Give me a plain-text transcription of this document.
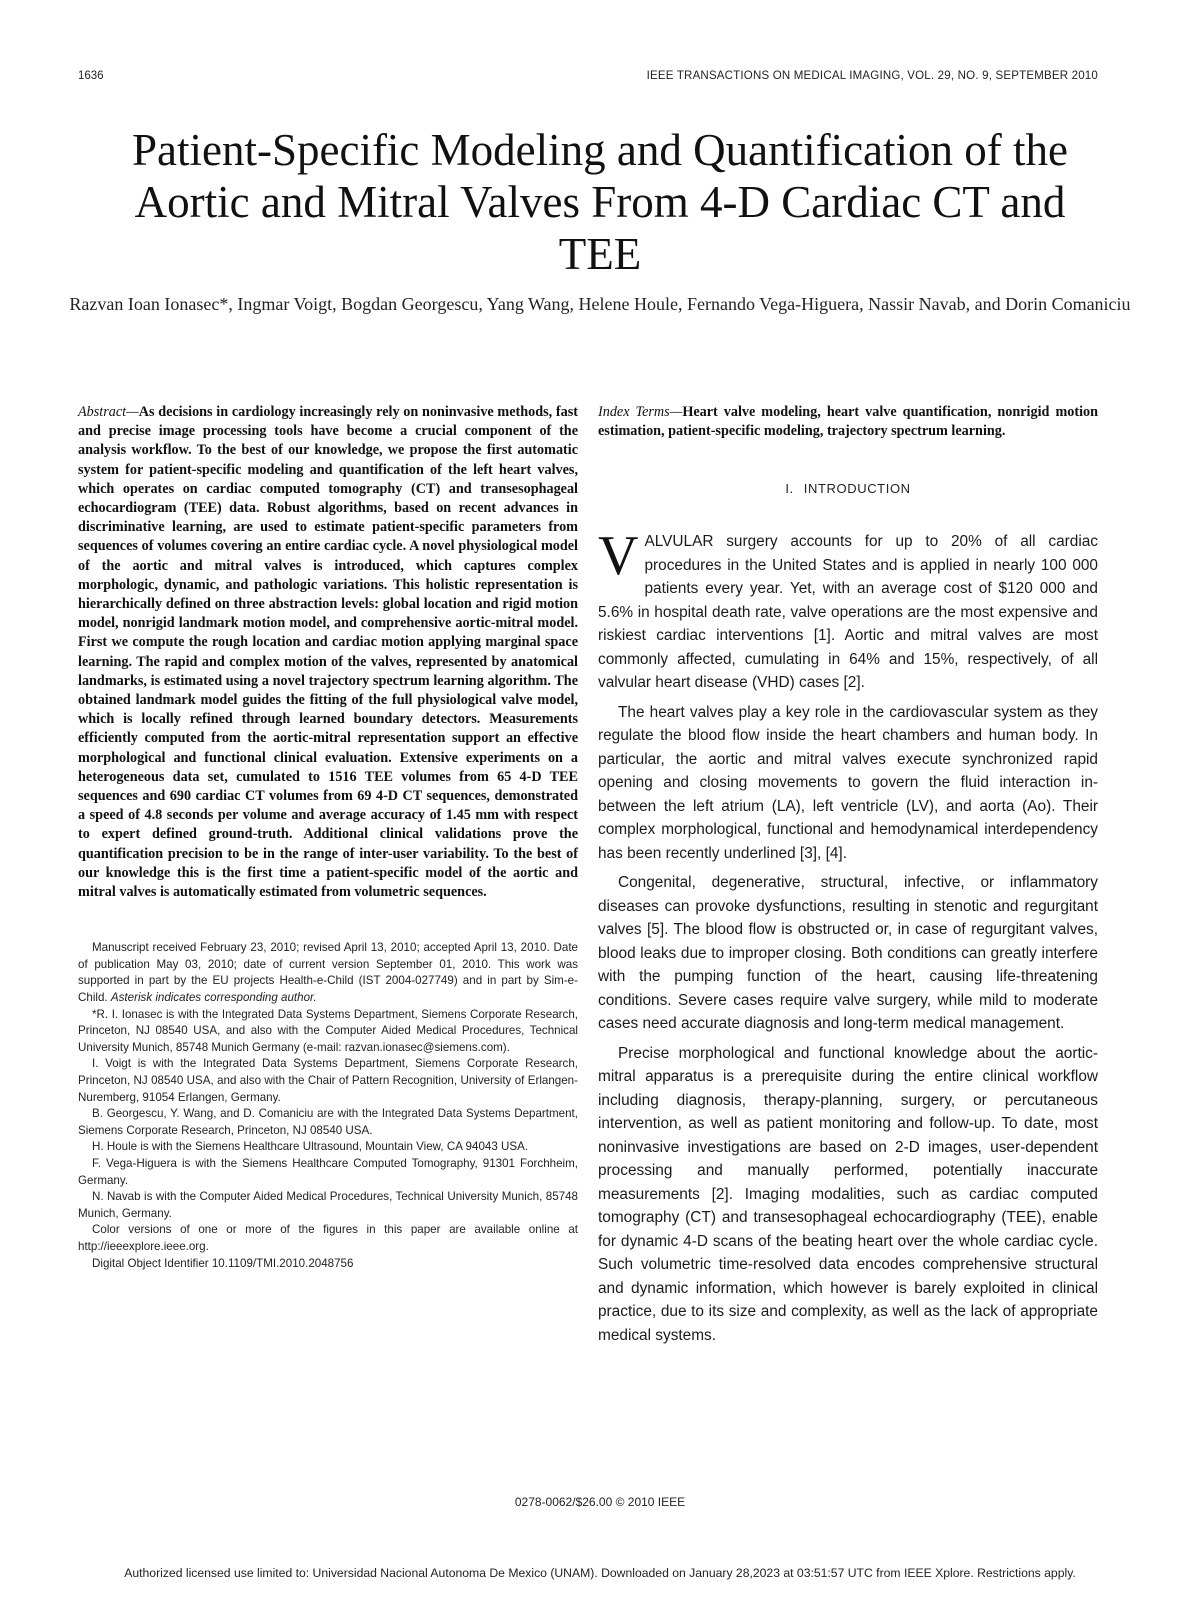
1636	IEEE TRANSACTIONS ON MEDICAL IMAGING, VOL. 29, NO. 9, SEPTEMBER 2010
Patient-Specific Modeling and Quantification of the Aortic and Mitral Valves From 4-D Cardiac CT and TEE
Razvan Ioan Ionasec*, Ingmar Voigt, Bogdan Georgescu, Yang Wang, Helene Houle, Fernando Vega-Higuera, Nassir Navab, and Dorin Comaniciu

Abstract—As decisions in cardiology increasingly rely on noninvasive methods, fast and precise image processing tools have become a crucial component of the analysis workflow. To the best of our knowledge, we propose the first automatic system for patient-specific modeling and quantification of the left heart valves, which operates on cardiac computed tomography (CT) and transesophageal echocardiogram (TEE) data. Robust algorithms, based on recent advances in discriminative learning, are used to estimate patient-specific parameters from sequences of volumes covering an entire cardiac cycle. A novel physiological model of the aortic and mitral valves is introduced, which captures complex morphologic, dynamic, and pathologic variations. This holistic representation is hierarchically defined on three abstraction levels: global location and rigid motion model, nonrigid landmark motion model, and comprehensive aortic-mitral model. First we compute the rough location and cardiac motion applying marginal space learning. The rapid and complex motion of the valves, represented by anatomical landmarks, is estimated using a novel trajectory spectrum learning algorithm. The obtained landmark model guides the fitting of the full physiological valve model, which is locally refined through learned boundary detectors. Measurements efficiently computed from the aortic-mitral representation support an effective morphological and functional clinical evaluation. Extensive experiments on a heterogeneous data set, cumulated to 1516 TEE volumes from 65 4-D TEE sequences and 690 cardiac CT volumes from 69 4-D CT sequences, demonstrated a speed of 4.8 seconds per volume and average accuracy of 1.45 mm with respect to expert defined ground-truth. Additional clinical validations prove the quantification precision to be in the range of inter-user variability. To the best of our knowledge this is the first time a patient-specific model of the aortic and mitral valves is automatically estimated from volumetric sequences.

Manuscript received February 23, 2010; revised April 13, 2010; accepted April 13, 2010. Date of publication May 03, 2010; date of current version September 01, 2010. This work was supported in part by the EU projects Health-e-Child (IST 2004-027749) and in part by Sim-e-Child. Asterisk indicates corresponding author.

*R. I. Ionasec is with the Integrated Data Systems Department, Siemens Corporate Research, Princeton, NJ 08540 USA, and also with the Computer Aided Medical Procedures, Technical University Munich, 85748 Munich Germany (e-mail: razvan.ionasec@siemens.com).

I. Voigt is with the Integrated Data Systems Department, Siemens Corporate Research, Princeton, NJ 08540 USA, and also with the Chair of Pattern Recognition, University of Erlangen-Nuremberg, 91054 Erlangen, Germany.

B. Georgescu, Y. Wang, and D. Comaniciu are with the Integrated Data Systems Department, Siemens Corporate Research, Princeton, NJ 08540 USA.

H. Houle is with the Siemens Healthcare Ultrasound, Mountain View, CA 94043 USA.

F. Vega-Higuera is with the Siemens Healthcare Computed Tomography, 91301 Forchheim, Germany.

N. Navab is with the Computer Aided Medical Procedures, Technical University Munich, 85748 Munich, Germany.

Color versions of one or more of the figures in this paper are available online at http://ieeexplore.ieee.org.

Digital Object Identifier 10.1109/TMI.2010.2048756

Index Terms—Heart valve modeling, heart valve quantification, nonrigid motion estimation, patient-specific modeling, trajectory spectrum learning.

I. INTRODUCTION

VALVULAR surgery accounts for up to 20% of all cardiac procedures in the United States and is applied in nearly 100 000 patients every year. Yet, with an average cost of $120 000 and 5.6% in hospital death rate, valve operations are the most expensive and riskiest cardiac interventions [1]. Aortic and mitral valves are most commonly affected, cumulating in 64% and 15%, respectively, of all valvular heart disease (VHD) cases [2].

The heart valves play a key role in the cardiovascular system as they regulate the blood flow inside the heart chambers and human body. In particular, the aortic and mitral valves execute synchronized rapid opening and closing movements to govern the fluid interaction in-between the left atrium (LA), left ventricle (LV), and aorta (Ao). Their complex morphological, functional and hemodynamical interdependency has been recently underlined [3], [4].

Congenital, degenerative, structural, infective, or inflammatory diseases can provoke dysfunctions, resulting in stenotic and regurgitant valves [5]. The blood flow is obstructed or, in case of regurgitant valves, blood leaks due to improper closing. Both conditions can greatly interfere with the pumping function of the heart, causing life-threatening conditions. Severe cases require valve surgery, while mild to moderate cases need accurate diagnosis and long-term medical management.

Precise morphological and functional knowledge about the aortic-mitral apparatus is a prerequisite during the entire clinical workflow including diagnosis, therapy-planning, surgery, or percutaneous intervention, as well as patient monitoring and follow-up. To date, most noninvasive investigations are based on 2-D images, user-dependent processing and manually performed, potentially inaccurate measurements [2]. Imaging modalities, such as cardiac computed tomography (CT) and transesophageal echocardiography (TEE), enable for dynamic 4-D scans of the beating heart over the whole cardiac cycle. Such volumetric time-resolved data encodes comprehensive structural and dynamic information, which however is barely exploited in clinical practice, due to its size and complexity, as well as the lack of appropriate medical systems.

0278-0062/$26.00 © 2010 IEEE
Authorized licensed use limited to: Universidad Nacional Autonoma De Mexico (UNAM). Downloaded on January 28,2023 at 03:51:57 UTC from IEEE Xplore. Restrictions apply.
